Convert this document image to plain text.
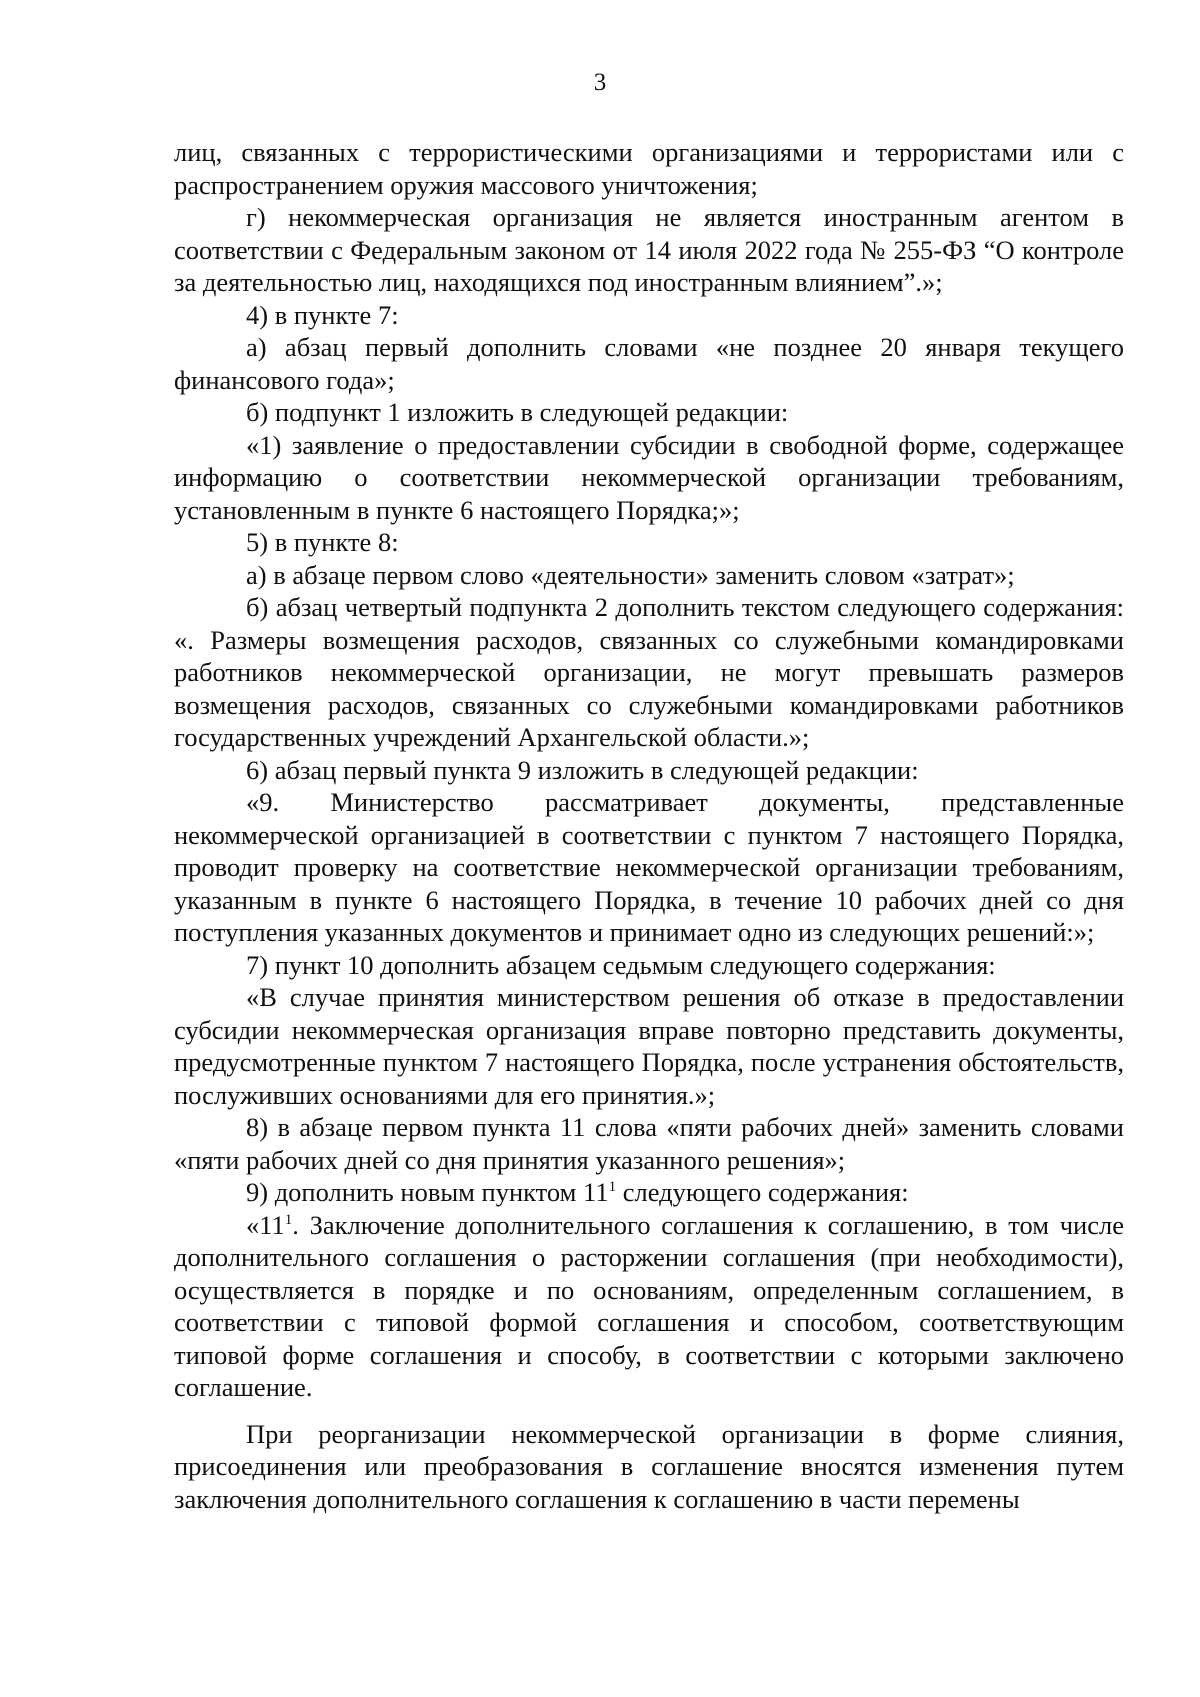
3

лиц, связанных с террористическими организациями и террористами или с распространением оружия массового уничтожения;

г) некоммерческая организация не является иностранным агентом в соответствии с Федеральным законом от 14 июля 2022 года № 255-ФЗ “О контроле за деятельностью лиц, находящихся под иностранным влиянием”.»;

4) в пункте 7:

а) абзац первый дополнить словами «не позднее 20 января текущего финансового года»;

б) подпункт 1 изложить в следующей редакции:

«1) заявление о предоставлении субсидии в свободной форме, содержащее информацию о соответствии некоммерческой организации требованиям, установленным в пункте 6 настоящего Порядка;»;

5) в пункте 8:

а) в абзаце первом слово «деятельности» заменить словом «затрат»;

б) абзац четвертый подпункта 2 дополнить текстом следующего содержания: «. Размеры возмещения расходов, связанных со служебными командировками работников некоммерческой организации, не могут превышать размеров возмещения расходов, связанных со служебными командировками работников государственных учреждений Архангельской области.»;

6) абзац первый пункта 9 изложить в следующей редакции:

«9. Министерство рассматривает документы, представленные некоммерческой организацией в соответствии с пунктом 7 настоящего Порядка, проводит проверку на соответствие некоммерческой организации требованиям, указанным в пункте 6 настоящего Порядка, в течение 10 рабочих дней со дня поступления указанных документов и принимает одно из следующих решений:»;

7) пункт 10 дополнить абзацем седьмым следующего содержания:

«В случае принятия министерством решения об отказе в предоставлении субсидии некоммерческая организация вправе повторно представить документы, предусмотренные пунктом 7 настоящего Порядка, после устранения обстоятельств, послуживших основаниями для его принятия.»;

8) в абзаце первом пункта 11 слова «пяти рабочих дней» заменить словами «пяти рабочих дней со дня принятия указанного решения»;

9) дополнить новым пунктом $11^1$ следующего содержания:

«$11^1$. Заключение дополнительного соглашения к соглашению, в том числе дополнительного соглашения о расторжении соглашения (при необходимости), осуществляется в порядке и по основаниям, определенным соглашением, в соответствии с типовой формой соглашения и способом, соответствующим типовой форме соглашения и способу, в соответствии с которыми заключено соглашение.

При реорганизации некоммерческой организации в форме слияния, присоединения или преобразования в соглашение вносятся изменения путем заключения дополнительного соглашения к соглашению в части перемены
